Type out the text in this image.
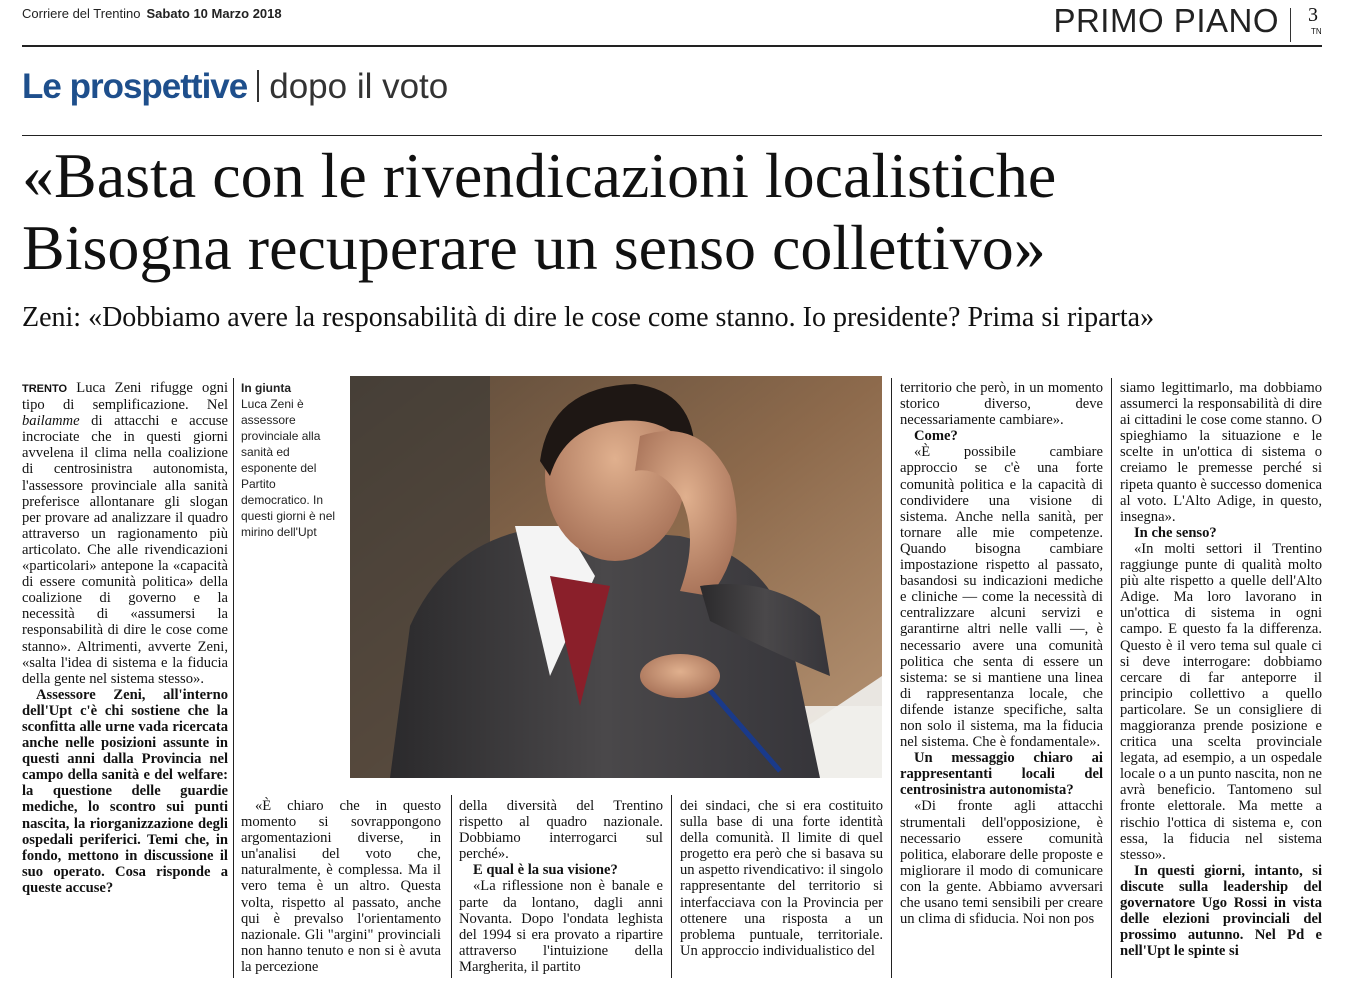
Corriere del Trentino Sabato 10 Marzo 2018	PRIMO PIANO 3
TN
Le prospettive dopo il voto
«Basta con le rivendicazioni localistiche
Bisogna recuperare un senso collettivo»
Zeni: «Dobbiamo avere la responsabilità di dire le cose come stanno. Io presidente? Prima si riparta»

TRENTO Luca Zeni rifugge ogni tipo di semplificazione. Nel bailamme di attacchi e accuse incrociate che in questi giorni avvelena il clima nella coalizione di centrosinistra autonomista, l'assessore provinciale alla sanità preferisce allontanare gli slogan per provare ad analizzare il quadro attraverso un ragionamento più articolato. Che alle rivendicazioni «particolari» antepone la «capacità di essere comunità politica» della coalizione di governo e la necessità di «assumersi la responsabilità di dire le cose come stanno». Altrimenti, avverte Zeni, «salta l'idea di sistema e la fiducia della gente nel sistema stesso».

Assessore Zeni, all'interno dell'Upt c'è chi sostiene che la sconfitta alle urne vada ricercata anche nelle posizioni assunte in questi anni dalla Provincia nel campo della sanità e del welfare: la questione delle guardie mediche, lo scontro sui punti nascita, la riorganizzazione degli ospedali periferici. Temi che, in fondo, mettono in discussione il suo operato. Cosa risponde a queste accuse?

In giunta
Luca Zeni è assessore provinciale alla sanità ed esponente del Partito democratico. In questi giorni è nel mirino dell'Upt

«È chiaro che in questo momento si sovrappongono argomentazioni diverse, in un'analisi del voto che, naturalmente, è complessa. Ma il vero tema è un altro. Questa volta, rispetto al passato, anche qui è prevalso l'orientamento nazionale. Gli "argini" provinciali non hanno tenuto e non si è avuta la percezione

della diversità del Trentino rispetto al quadro nazionale. Dobbiamo interrogarci sul perché».

E qual è la sua visione?

«La riflessione non è banale e parte da lontano, dagli anni Novanta. Dopo l'ondata leghista del 1994 si era provato a ripartire attraverso l'intuizione della Margherita, il partito

dei sindaci, che si era costituito sulla base di una forte identità della comunità. Il limite di quel progetto era però che si basava su un aspetto rivendicativo: il singolo rappresentante del territorio si interfacciava con la Provincia per ottenere una risposta a un problema puntuale, territoriale. Un approccio individualistico del

territorio che però, in un momento storico diverso, deve necessariamente cambiare».

Come?

«È possibile cambiare approccio se c'è una forte comunità politica e la capacità di condividere una visione di sistema. Anche nella sanità, per tornare alle mie competenze. Quando bisogna cambiare impostazione rispetto al passato, basandosi su indicazioni mediche e cliniche — come la necessità di centralizzare alcuni servizi e garantirne altri nelle valli —, è necessario avere una comunità politica che senta di essere un sistema: se si mantiene una linea di rappresentanza locale, che difende istanze specifiche, salta non solo il sistema, ma la fiducia nel sistema. Che è fondamentale».

Un messaggio chiaro ai rappresentanti locali del centrosinistra autonomista?

«Di fronte agli attacchi strumentali dell'opposizione, è necessario essere comunità politica, elaborare delle proposte e migliorare il modo di comunicare con la gente. Abbiamo avversari che usano temi sensibili per creare un clima di sfiducia. Noi non pos

siamo legittimarlo, ma dobbiamo assumerci la responsabilità di dire ai cittadini le cose come stanno. O spieghiamo la situazione e le scelte in un'ottica di sistema o creiamo le premesse perché si ripeta quanto è successo domenica al voto. L'Alto Adige, in questo, insegna».

In che senso?

«In molti settori il Trentino raggiunge punte di qualità molto più alte rispetto a quelle dell'Alto Adige. Ma loro lavorano in un'ottica di sistema in ogni campo. E questo fa la differenza. Questo è il vero tema sul quale ci si deve interrogare: dobbiamo cercare di far anteporre il principio collettivo a quello particolare. Se un consigliere di maggioranza prende posizione e critica una scelta provinciale legata, ad esempio, a un ospedale locale o a un punto nascita, non ne avrà beneficio. Tantomeno sul fronte elettorale. Ma mette a rischio l'ottica di sistema e, con essa, la fiducia nel sistema stesso».

In questi giorni, intanto, si discute sulla leadership del governatore Ugo Rossi in vista delle elezioni provinciali del prossimo autunno. Nel Pd e nell'Upt le spinte si
